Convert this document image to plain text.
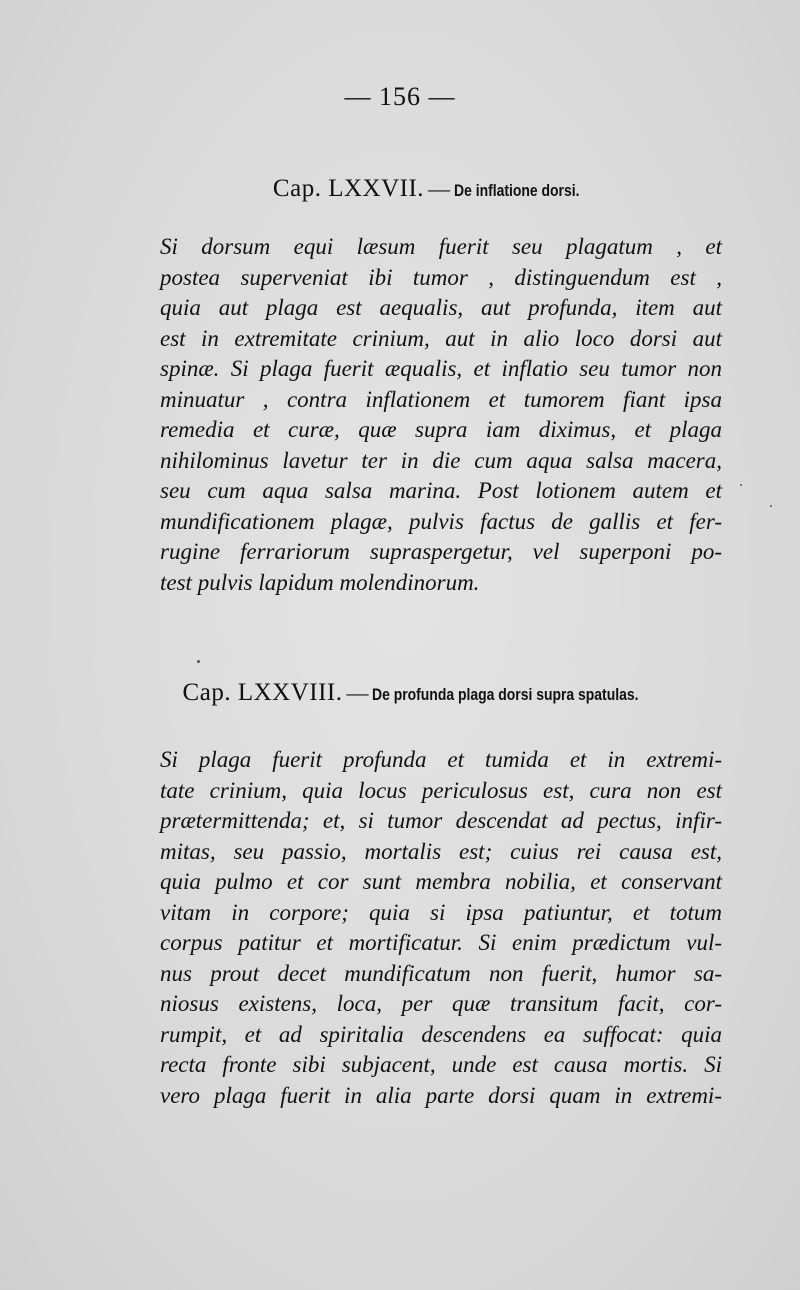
— 156 —
Cap. LXXVII. — De inflatione dorsi.
Si dorsum equi læsum fuerit seu plagatum , et
postea superveniat ibi tumor , distinguendum est ,
quia aut plaga est aequalis, aut profunda, item aut
est in extremitate crinium, aut in alio loco dorsi aut
spinæ. Si plaga fuerit æqualis, et inflatio seu tumor non
minuatur , contra inflationem et tumorem fiant ipsa
remedia et curæ, quæ supra iam diximus, et plaga
nihilominus lavetur ter in die cum aqua salsa macera,
seu cum aqua salsa marina. Post lotionem autem et
mundificationem plagæ, pulvis factus de gallis et fer-
rugine ferrariorum supraspergetur, vel superponi po-
test pulvis lapidum molendinorum.
Cap. LXXVIII. — De profunda plaga dorsi supra spatulas.
Si plaga fuerit profunda et tumida et in extremi-
tate crinium, quia locus periculosus est, cura non est
prætermittenda; et, si tumor descendat ad pectus, infir-
mitas, seu passio, mortalis est; cuius rei causa est,
quia pulmo et cor sunt membra nobilia, et conservant
vitam in corpore; quia si ipsa patiuntur, et totum
corpus patitur et mortificatur. Si enim prædictum vul-
nus prout decet mundificatum non fuerit, humor sa-
niosus existens, loca, per quæ transitum facit, cor-
rumpit, et ad spiritalia descendens ea suffocat: quia
recta fronte sibi subjacent, unde est causa mortis. Si
vero plaga fuerit in alia parte dorsi quam in extremi-
